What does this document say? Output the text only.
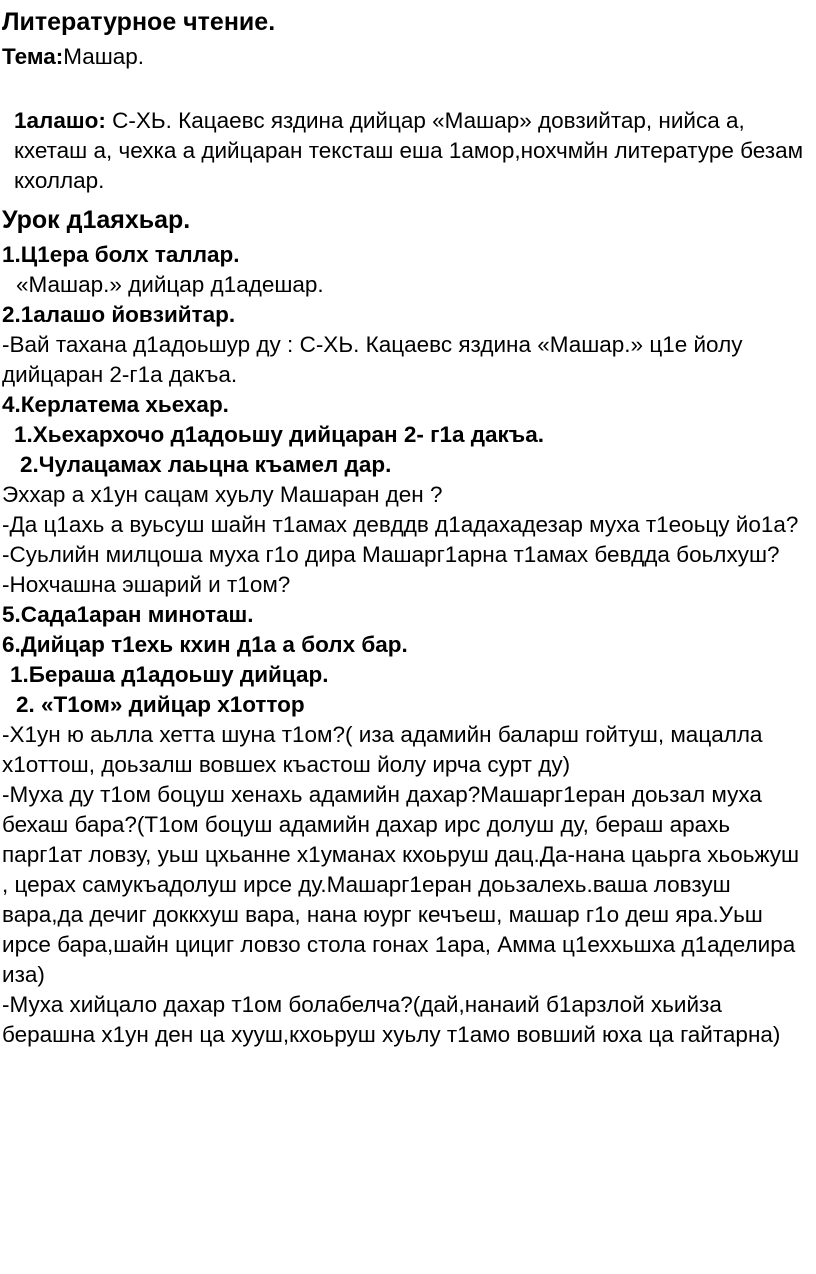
Литературное чтение.

Тема:Машар.

1алашо: С-ХЬ. Кацаевс яздина дийцар «Машар» довзийтар, нийса а, кхеташ а, чехка а дийцаран тексташ еша 1амор,нохчмйн литературе безам кхоллар.

Урок д1аяхьар.

1.Ц1ера болх таллар.

«Машар.» дийцар д1адешар.

2.1алашо йовзийтар.

-Вай тахана д1адоьшур ду : С-ХЬ. Кацаевс яздина «Машар.» ц1е йолу дийцаран 2-г1а дакъа.

4.Керлатема хьехар.

1.Хьехархочо д1адоьшу дийцаран 2- г1а дакъа.

2.Чулацамах лаьцна къамел дар.

Эххар а х1ун сацам хуьлу Машаран ден ?

-Да ц1ахь а вуьсуш шайн т1амах девддв д1адахадезар муха т1еоьцу йо1а?

-Суьлийн милцоша муха г1о дира Машарг1арна т1амах бевдда боьлхуш?

-Нохчашна эшарий и т1ом?

5.Сада1аран миноташ.

6.Дийцар т1ехь кхин д1а а болх бар.

1.Бераша д1адоьшу дийцар.

2. «Т1ом» дийцар х1оттор

-Х1ун ю аьлла хетта шуна т1ом?( иза адамийн баларш гойтуш, мацалла х1оттош, доьзалш вовшех къастош йолу ирча сурт ду)

-Муха ду т1ом боцуш хенахь адамийн дахар?Машарг1еран доьзал муха бехаш бара?(Т1ом боцуш адамийн дахар ирс долуш ду, бераш арахь парг1ат ловзу, уьш цхьанне х1уманах кхоьруш дац.Да-нана цаьрга хьоьжуш , церах самукъадолуш ирсе ду.Машарг1еран доьзалехь.ваша ловзуш вара,да дечиг доккхуш вара, нана юург кечъеш, машар г1о деш яра.Уьш ирсе бара,шайн цициг ловзо стола гонах 1ара, Амма ц1еххьшха д1аделира иза)

-Муха хийцало дахар т1ом болабелча?(дай,нанаий б1арзлой хьийза берашна х1ун ден ца хууш,кхоьруш хуьлу т1амо вовший юха ца гайтарна)
